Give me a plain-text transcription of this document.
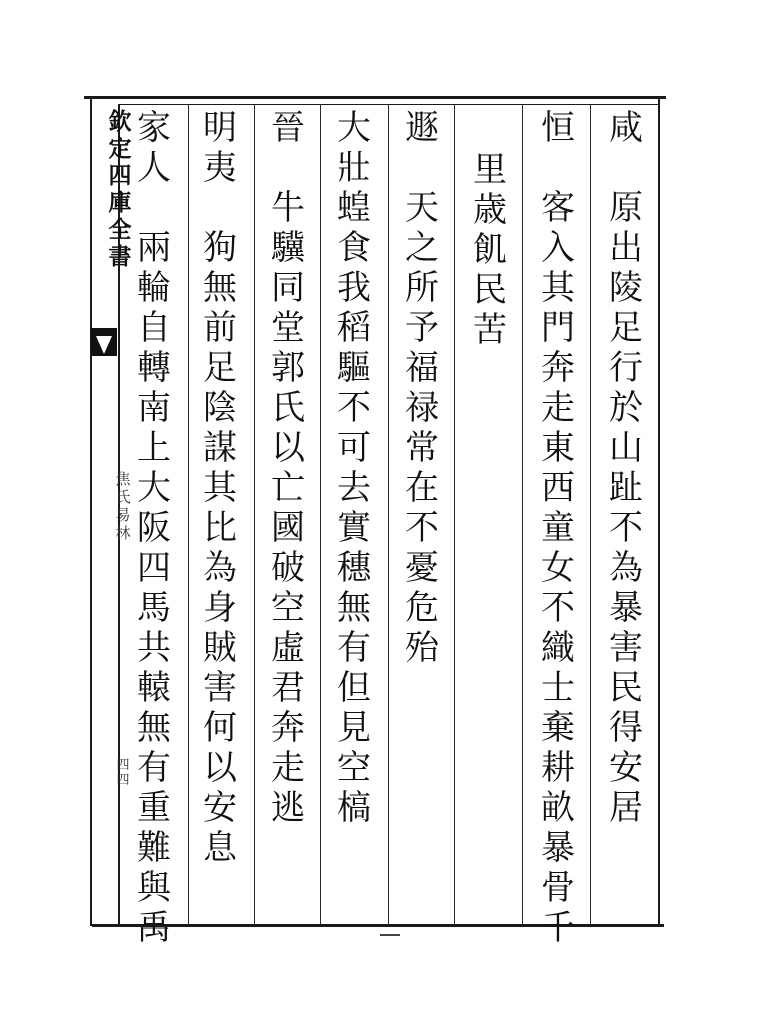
欽
定
四
庫
全
書
焦
氏
易
林
四
四
咸
原
出
陵
足
行
於
山
趾
不
為
暴
害
民
得
安
居
恒
客
入
其
門
奔
走
東
西
童
女
不
織
士
棄
耕
畝
暴
骨
千
里
歳
飢
民
苦
遯
天
之
所
予
福
禄
常
在
不
憂
危
殆
大
壯
蝗
食
我
稻
驅
不
可
去
實
穗
無
有
但
見
空
槁
晉
牛
驥
同
堂
郭
氏
以
亡
國
破
空
虛
君
奔
走
逃
明
夷
狗
無
前
足
陰
謀
其
比
為
身
賊
害
何
以
安
息
家
人
兩
輪
自
轉
南
上
大
阪
四
馬
共
轅
無
有
重
難
與
禹
